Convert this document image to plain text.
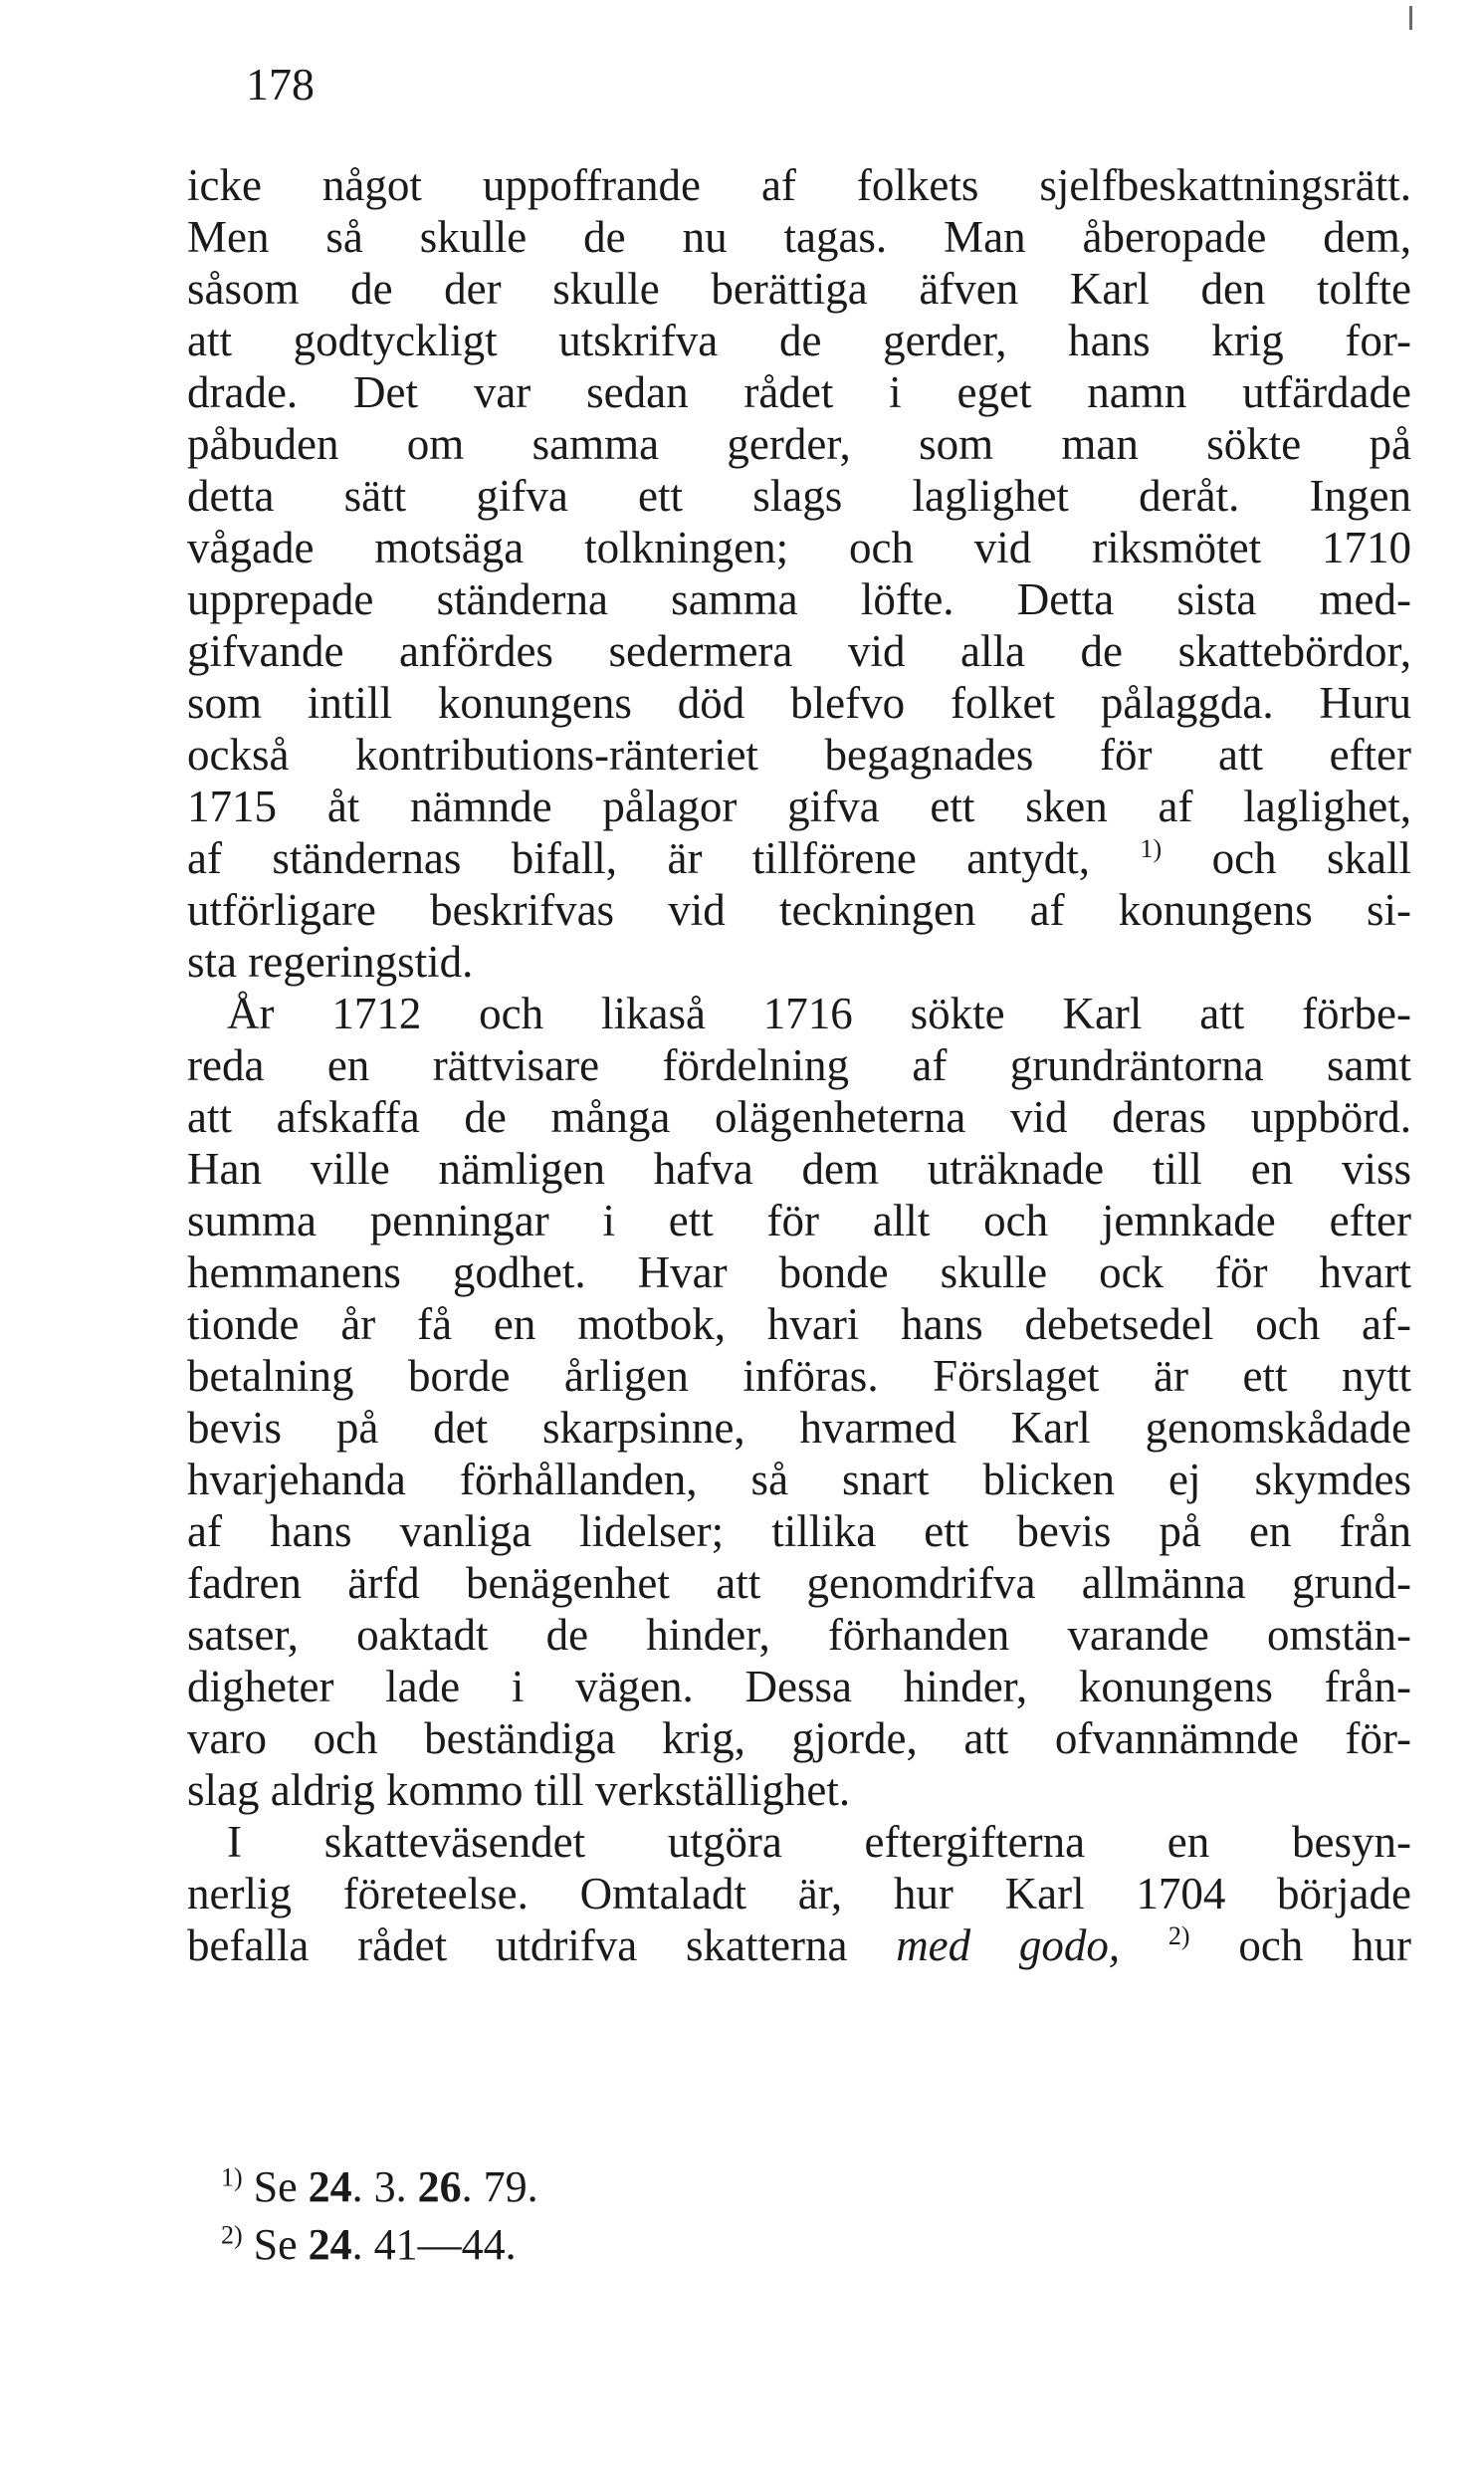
178
icke något uppoffrande af folkets sjelfbeskattningsrätt.
Men så skulle de nu tagas. Man åberopade dem,
såsom de der skulle berättiga äfven Karl den tolfte
att godtyckligt utskrifva de gerder, hans krig for-
drade. Det var sedan rådet i eget namn utfärdade
påbuden om samma gerder, som man sökte på
detta sätt gifva ett slags laglighet deråt. Ingen
vågade motsäga tolkningen; och vid riksmötet 1710
upprepade ständerna samma löfte. Detta sista med-
gifvande anfördes sedermera vid alla de skattebördor,
som intill konungens död blefvo folket pålaggda. Huru
också kontributions-ränteriet begagnades för att efter
1715 åt nämnde pålagor gifva ett sken af laglighet,
af ständernas bifall, är tillförene antydt, $^{1)}$ och skall
utförligare beskrifvas vid teckningen af konungens si-
sta regeringstid.
År 1712 och likaså 1716 sökte Karl att förbe-
reda en rättvisare fördelning af grundräntorna samt
att afskaffa de många olägenheterna vid deras uppbörd.
Han ville nämligen hafva dem uträknade till en viss
summa penningar i ett för allt och jemnkade efter
hemmanens godhet. Hvar bonde skulle ock för hvart
tionde år få en motbok, hvari hans debetsedel och af-
betalning borde årligen införas. Förslaget är ett nytt
bevis på det skarpsinne, hvarmed Karl genomskådade
hvarjehanda förhållanden, så snart blicken ej skymdes
af hans vanliga lidelser; tillika ett bevis på en från
fadren ärfd benägenhet att genomdrifva allmänna grund-
satser, oaktadt de hinder, förhanden varande omstän-
digheter lade i vägen. Dessa hinder, konungens från-
varo och beständiga krig, gjorde, att ofvannämnde för-
slag aldrig kommo till verkställighet.
I skatteväsendet utgöra eftergifterna en besyn-
nerlig företeelse. Omtaladt är, hur Karl 1704 började
befalla rådet utdrifva skatterna med godo, $^{2)}$ och hur
$^{1)}$ Se 24. 3. 26. 79.
$^{2)}$ Se 24. 41—44.
